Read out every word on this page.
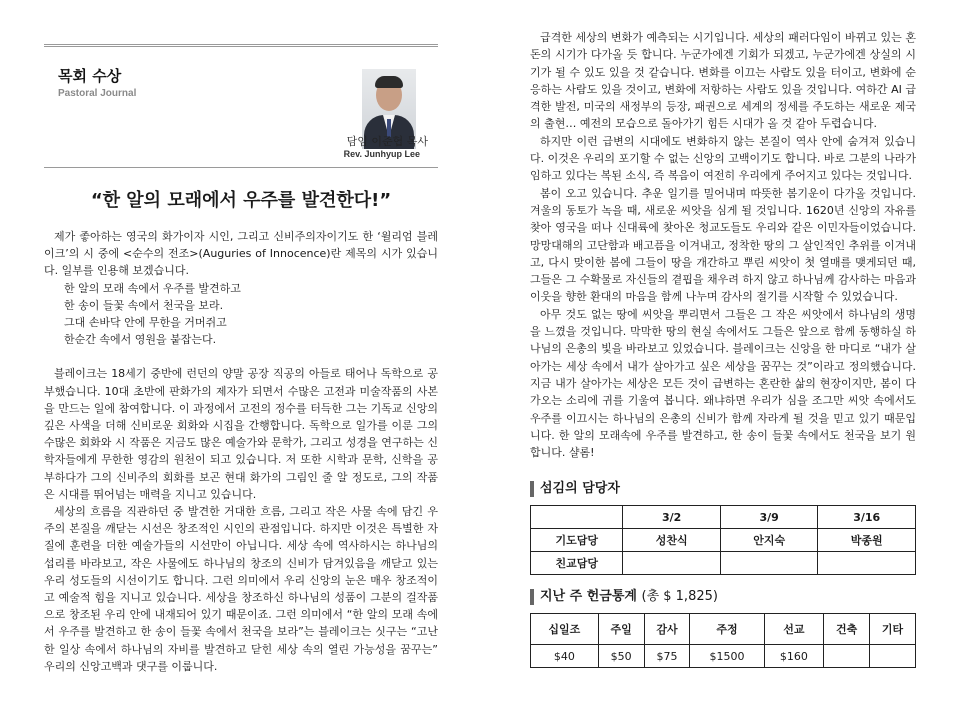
목회 수상
Pastoral Journal
담임 이준협 목사
Rev. Junhyup Lee
“한 알의 모래에서 우주를 발견한다!”

제가 좋아하는 영국의 화가이자 시인, 그리고 신비주의자이기도 한 ‘윌리엄 블레이크’의 시 중에 <순수의 전조>(Auguries of Innocence)란 제목의 시가 있습니다. 일부를 인용해 보겠습니다.

한 알의 모래 속에서 우주를 발견하고
한 송이 들꽃 속에서 천국을 보라.
그대 손바닥 안에 무한을 거머쥐고
한순간 속에서 영원을 붙잡는다.

블레이크는 18세기 중반에 런던의 양말 공장 직공의 아들로 태어나 독학으로 공부했습니다. 10대 초반에 판화가의 제자가 되면서 수많은 고전과 미술작품의 사본을 만드는 일에 참여합니다. 이 과정에서 고전의 정수를 터득한 그는 기독교 신앙의 깊은 사색을 더해 신비로운 회화와 시집을 간행합니다. 독학으로 일가를 이룬 그의 수많은 회화와 시 작품은 지금도 많은 예술가와 문학가, 그리고 성경을 연구하는 신학자들에게 무한한 영감의 원천이 되고 있습니다. 저 또한 시학과 문학, 신학을 공부하다가 그의 신비주의 회화를 보곤 현대 화가의 그림인 줄 알 정도로, 그의 작품은 시대를 뛰어넘는 매력을 지니고 있습니다.

세상의 흐름을 직관하던 중 발견한 거대한 흐름, 그리고 작은 사물 속에 담긴 우주의 본질을 깨닫는 시선은 창조적인 시인의 관점입니다. 하지만 이것은 특별한 자질에 훈련을 더한 예술가들의 시선만이 아닙니다. 세상 속에 역사하시는 하나님의 섭리를 바라보고, 작은 사물에도 하나님의 창조의 신비가 담겨있음을 깨닫고 있는 우리 성도들의 시선이기도 합니다. 그런 의미에서 우리 신앙의 눈은 매우 창조적이고 예술적 힘을 지니고 있습니다. 세상을 창조하신 하나님의 성품이 그분의 걸작품으로 창조된 우리 안에 내재되어 있기 때문이죠. 그런 의미에서 “한 알의 모래 속에서 우주를 발견하고 한 송이 들꽃 속에서 천국을 보라”는 블레이크는 싯구는 “고난한 일상 속에서 하나님의 자비를 발견하고 닫힌 세상 속의 열린 가능성을 꿈꾸는” 우리의 신앙고백과 댓구를 이룹니다.

급격한 세상의 변화가 예측되는 시기입니다. 세상의 패러다임이 바뀌고 있는 혼돈의 시기가 다가올 듯 합니다. 누군가에겐 기회가 되겠고, 누군가에겐 상실의 시기가 될 수 있도 있을 것 같습니다. 변화를 이끄는 사람도 있을 터이고, 변화에 순응하는 사람도 있을 것이고, 변화에 저항하는 사람도 있을 것입니다. 여하간 AI 급격한 발전, 미국의 새정부의 등장, 패권으로 세계의 정세를 주도하는 새로운 제국의 출현… 예전의 모습으로 돌아가기 힘든 시대가 올 것 같아 두렵습니다.

하지만 이런 급변의 시대에도 변화하지 않는 본질이 역사 안에 숨겨져 있습니다. 이것은 우리의 포기할 수 없는 신앙의 고백이기도 합니다. 바로 그분의 나라가 임하고 있다는 복된 소식, 즉 복음이 여전히 우리에게 주어지고 있다는 것입니다.

봄이 오고 있습니다. 추운 일기를 밀어내며 따뜻한 봄기운이 다가올 것입니다. 겨울의 동토가 녹을 때, 새로운 씨앗을 심게 될 것입니다. 1620년 신앙의 자유를 찾아 영국을 떠나 신대륙에 찾아온 청교도들도 우리와 같은 이민자들이었습니다. 망망대해의 고단함과 배고픔을 이겨내고, 정착한 땅의 그 살인적인 추위를 이겨내고, 다시 맞이한 봄에 그들이 땅을 개간하고 뿌린 씨앗이 첫 열매를 맺게되던 때, 그들은 그 수확물로 자신들의 곁핍을 채우려 하지 않고 하나님께 감사하는 마음과 이웃을 향한 환대의 마음을 함께 나누며 감사의 절기를 시작할 수 있었습니다.

아무 것도 없는 땅에 씨앗을 뿌리면서 그들은 그 작은 씨앗에서 하나님의 생명을 느꼈을 것입니다. 막막한 땅의 현실 속에서도 그들은 앞으로 함께 동행하실 하나님의 은총의 빛을 바라보고 있었습니다. 블레이크는 신앙을 한 마디로 “내가 살아가는 세상 속에서 내가 살아가고 싶은 세상을 꿈꾸는 것”이라고 정의했습니다. 지금 내가 살아가는 세상은 모든 것이 급변하는 혼란한 삶의 현장이지만, 봄이 다가오는 소리에 귀를 기울여 봅니다. 왜냐하면 우리가 심을 조그만 씨앗 속에서도 우주를 이끄시는 하나님의 은총의 신비가 함께 자라게 될 것을 믿고 있기 때문입니다. 한 알의 모래속에 우주를 발견하고, 한 송이 들꽃 속에서도 천국을 보기 원합니다. 샬롬!

섬김의 담당자
	3/2	3/9	3/16
기도담당	성찬식	안지숙	박종원
친교담당			
지난 주 헌금통계 (총 $ 1,825)
십일조	주일	감사	주정	선교	건축	기타
$40	$50	$75	$1500	$160		
